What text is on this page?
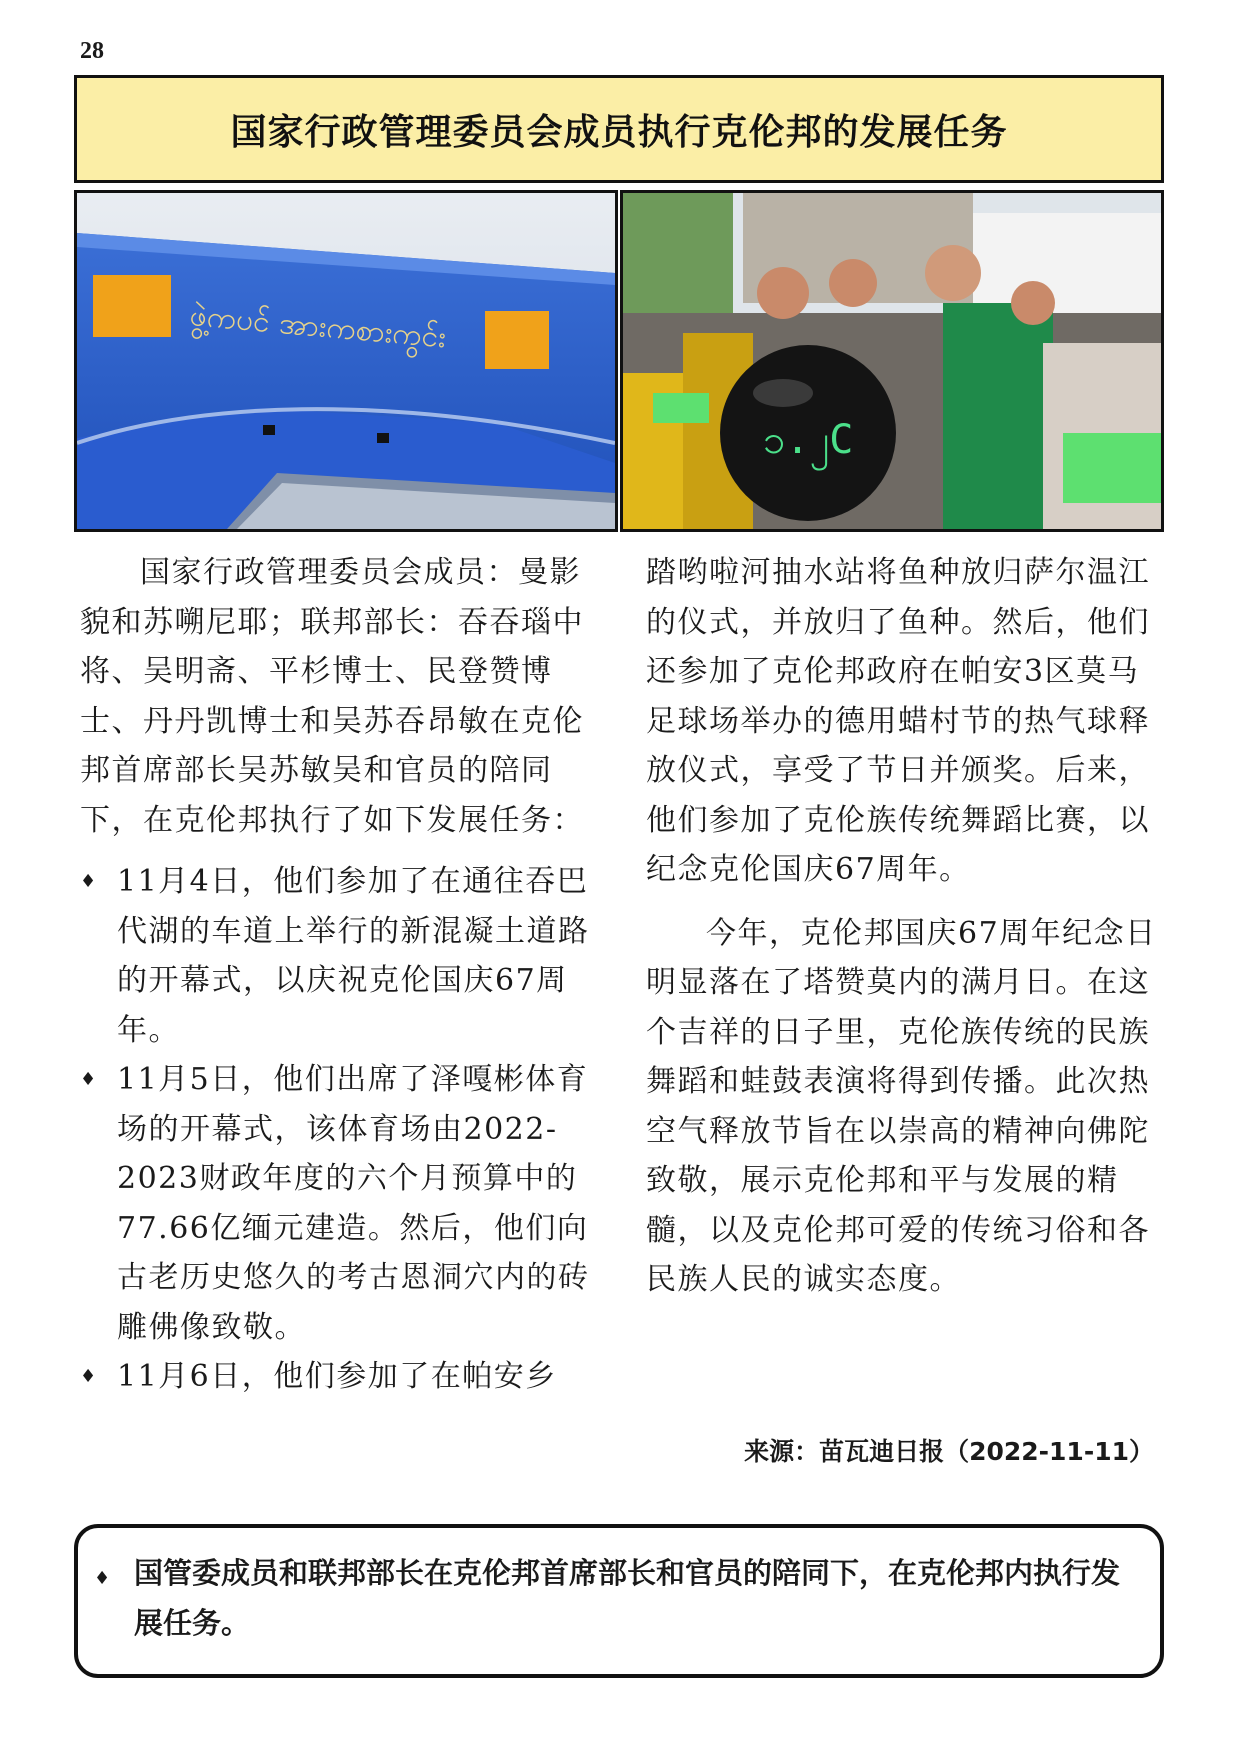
28
国家行政管理委员会成员执行克伦邦的发展任务
ဖွဲ့ကပင် အားကစားကွင်း
၁.၂C

国家行政管理委员会成员：曼影貌和苏嗍尼耶；联邦部长：吞吞瑙中将、吴明斋、平杉博士、民登赞博士、丹丹凯博士和吴苏吞昂敏在克伦邦首席部长吴苏敏吴和官员的陪同下，在克伦邦执行了如下发展任务：

♦ 11月4日，他们参加了在通往吞巴代湖的车道上举行的新混凝土道路的开幕式，以庆祝克伦国庆67周年。
♦ 11月5日，他们出席了泽嘎彬体育场的开幕式，该体育场由2022-2023财政年度的六个月预算中的77.66亿缅元建造。然后，他们向古老历史悠久的考古恩洞穴内的砖雕佛像致敬。
♦ 11月6日，他们参加了在帕安乡

踏哟啦河抽水站将鱼种放归萨尔温江的仪式，并放归了鱼种。然后，他们还参加了克伦邦政府在帕安3区莫马足球场举办的德用蜡村节的热气球释放仪式，享受了节日并颁奖。后来，他们参加了克伦族传统舞蹈比赛，以纪念克伦国庆67周年。

今年，克伦邦国庆67周年纪念日明显落在了塔赞莫内的满月日。在这个吉祥的日子里，克伦族传统的民族舞蹈和蛙鼓表演将得到传播。此次热空气释放节旨在以崇高的精神向佛陀致敬，展示克伦邦和平与发展的精髓，以及克伦邦可爱的传统习俗和各民族人民的诚实态度。

来源：苗瓦迪日报（2022-11-11）
♦ 国管委成员和联邦部长在克伦邦首席部长和官员的陪同下，在克伦邦内执行发展任务。
